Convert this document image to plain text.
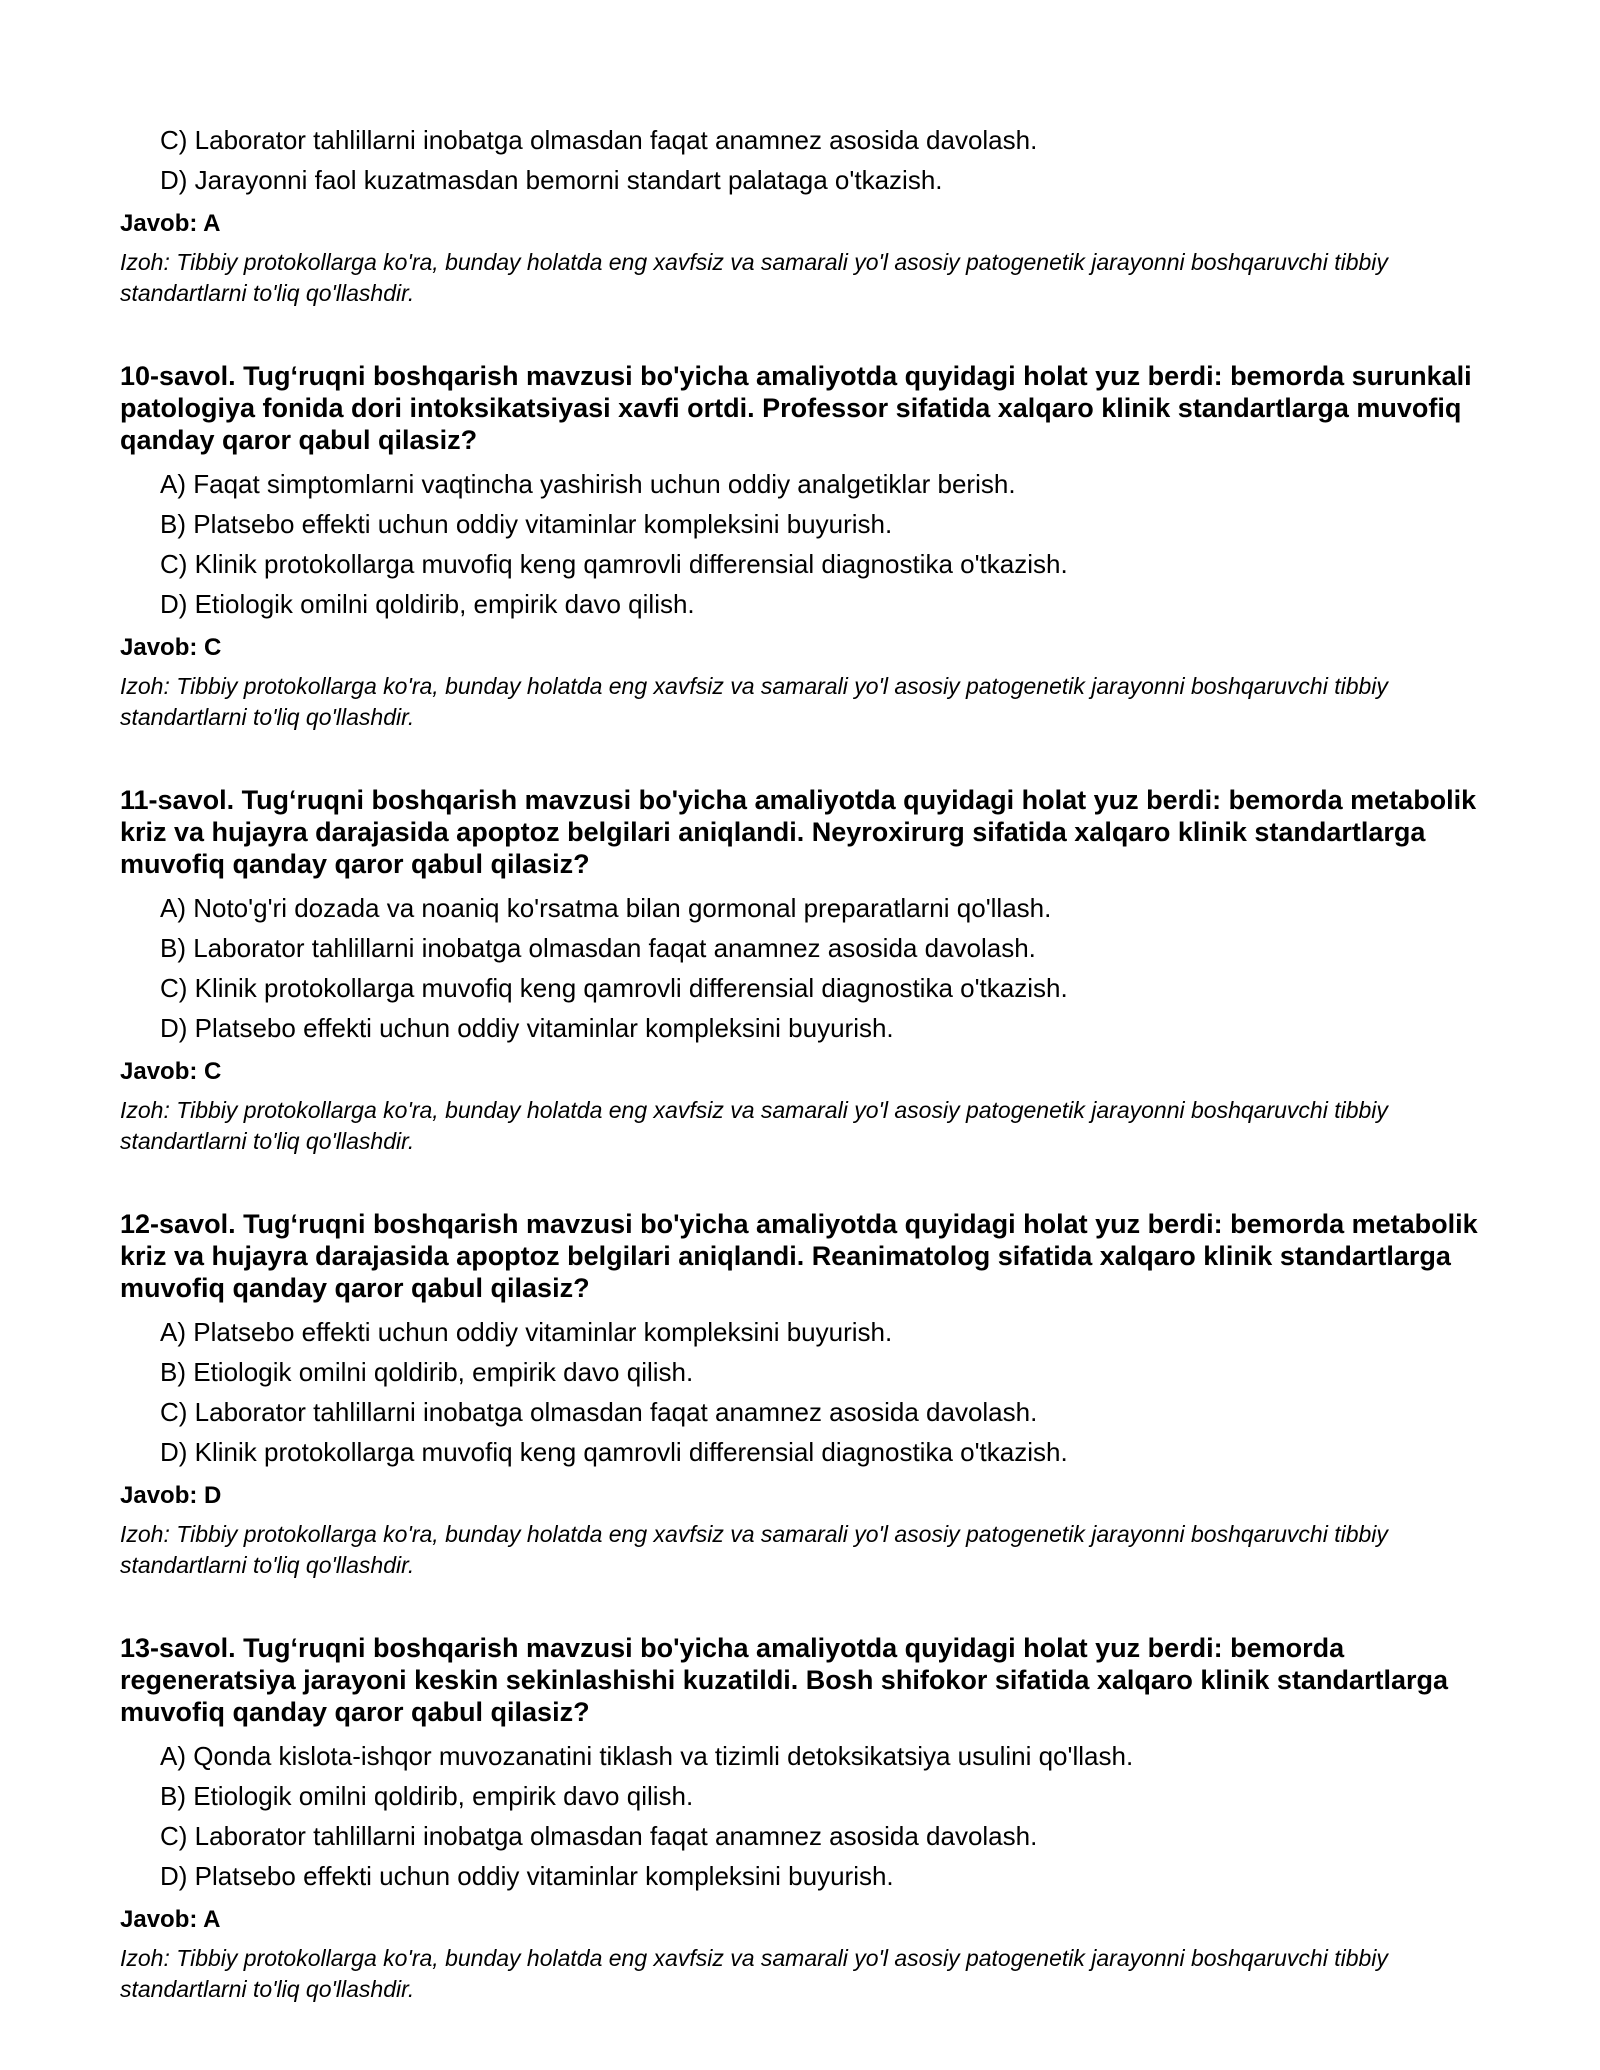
C) Laborator tahlillarni inobatga olmasdan faqat anamnez asosida davolash.
D) Jarayonni faol kuzatmasdan bemorni standart palataga o'tkazish.
Javob: A
Izoh: Tibbiy protokollarga ko'ra, bunday holatda eng xavfsiz va samarali yo'l asosiy patogenetik jarayonni boshqaruvchi tibbiy standartlarni to'liq qo'llashdir.
10-savol. Tug‘ruqni boshqarish mavzusi bo'yicha amaliyotda quyidagi holat yuz berdi: bemorda surunkali patologiya fonida dori intoksikatsiyasi xavfi ortdi. Professor sifatida xalqaro klinik standartlarga muvofiq qanday qaror qabul qilasiz?
A) Faqat simptomlarni vaqtincha yashirish uchun oddiy analgetiklar berish.
B) Platsebo effekti uchun oddiy vitaminlar kompleksini buyurish.
C) Klinik protokollarga muvofiq keng qamrovli differensial diagnostika o'tkazish.
D) Etiologik omilni qoldirib, empirik davo qilish.
Javob: C
Izoh: Tibbiy protokollarga ko'ra, bunday holatda eng xavfsiz va samarali yo'l asosiy patogenetik jarayonni boshqaruvchi tibbiy standartlarni to'liq qo'llashdir.
11-savol. Tug‘ruqni boshqarish mavzusi bo'yicha amaliyotda quyidagi holat yuz berdi: bemorda metabolik kriz va hujayra darajasida apoptoz belgilari aniqlandi. Neyroxirurg sifatida xalqaro klinik standartlarga muvofiq qanday qaror qabul qilasiz?
A) Noto'g'ri dozada va noaniq ko'rsatma bilan gormonal preparatlarni qo'llash.
B) Laborator tahlillarni inobatga olmasdan faqat anamnez asosida davolash.
C) Klinik protokollarga muvofiq keng qamrovli differensial diagnostika o'tkazish.
D) Platsebo effekti uchun oddiy vitaminlar kompleksini buyurish.
Javob: C
Izoh: Tibbiy protokollarga ko'ra, bunday holatda eng xavfsiz va samarali yo'l asosiy patogenetik jarayonni boshqaruvchi tibbiy standartlarni to'liq qo'llashdir.
12-savol. Tug‘ruqni boshqarish mavzusi bo'yicha amaliyotda quyidagi holat yuz berdi: bemorda metabolik kriz va hujayra darajasida apoptoz belgilari aniqlandi. Reanimatolog sifatida xalqaro klinik standartlarga muvofiq qanday qaror qabul qilasiz?
A) Platsebo effekti uchun oddiy vitaminlar kompleksini buyurish.
B) Etiologik omilni qoldirib, empirik davo qilish.
C) Laborator tahlillarni inobatga olmasdan faqat anamnez asosida davolash.
D) Klinik protokollarga muvofiq keng qamrovli differensial diagnostika o'tkazish.
Javob: D
Izoh: Tibbiy protokollarga ko'ra, bunday holatda eng xavfsiz va samarali yo'l asosiy patogenetik jarayonni boshqaruvchi tibbiy standartlarni to'liq qo'llashdir.
13-savol. Tug‘ruqni boshqarish mavzusi bo'yicha amaliyotda quyidagi holat yuz berdi: bemorda regeneratsiya jarayoni keskin sekinlashishi kuzatildi. Bosh shifokor sifatida xalqaro klinik standartlarga muvofiq qanday qaror qabul qilasiz?
A) Qonda kislota-ishqor muvozanatini tiklash va tizimli detoksikatsiya usulini qo'llash.
B) Etiologik omilni qoldirib, empirik davo qilish.
C) Laborator tahlillarni inobatga olmasdan faqat anamnez asosida davolash.
D) Platsebo effekti uchun oddiy vitaminlar kompleksini buyurish.
Javob: A
Izoh: Tibbiy protokollarga ko'ra, bunday holatda eng xavfsiz va samarali yo'l asosiy patogenetik jarayonni boshqaruvchi tibbiy standartlarni to'liq qo'llashdir.
